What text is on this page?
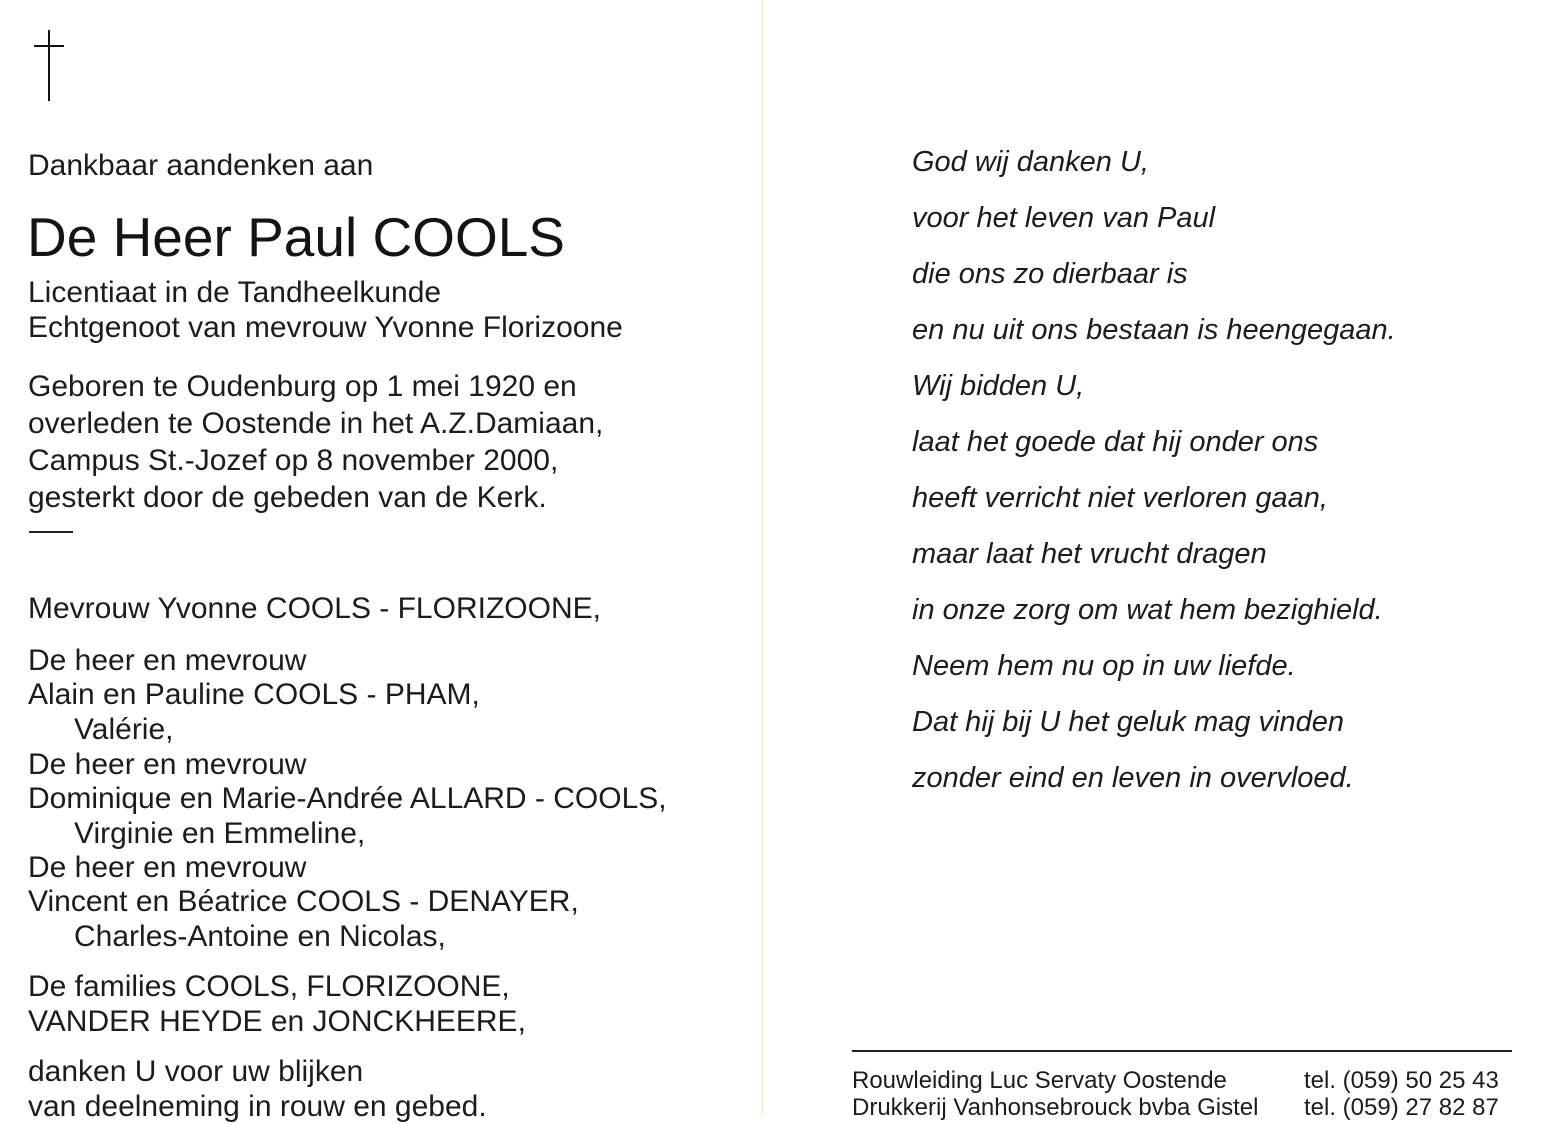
Dankbaar aandenken aan
De Heer Paul COOLS
Licentiaat in de Tandheelkunde
Echtgenoot van mevrouw Yvonne Florizoone
Geboren te Oudenburg op 1 mei 1920 en
overleden te Oostende in het A.Z.Damiaan,
Campus St.-Jozef op 8 november 2000,
gesterkt door de gebeden van de Kerk.
Mevrouw Yvonne COOLS - FLORIZOONE,
De heer en mevrouw
Alain en Pauline COOLS - PHAM,
Valérie,
De heer en mevrouw
Dominique en Marie-Andrée ALLARD - COOLS,
Virginie en Emmeline,
De heer en mevrouw
Vincent en Béatrice COOLS - DENAYER,
Charles-Antoine en Nicolas,
De families COOLS, FLORIZOONE,
VANDER HEYDE en JONCKHEERE,
danken U voor uw blijken
van deelneming in rouw en gebed.
God wij danken U,
voor het leven van Paul
die ons zo dierbaar is
en nu uit ons bestaan is heengegaan.
Wij bidden U,
laat het goede dat hij onder ons
heeft verricht niet verloren gaan,
maar laat het vrucht dragen
in onze zorg om wat hem bezighield.
Neem hem nu op in uw liefde.
Dat hij bij U het geluk mag vinden
zonder eind en leven in overvloed.
Rouwleiding Luc Servaty Oostende	tel. (059) 50 25 43
Drukkerij Vanhonsebrouck bvba Gistel tel. (059) 27 82 87
